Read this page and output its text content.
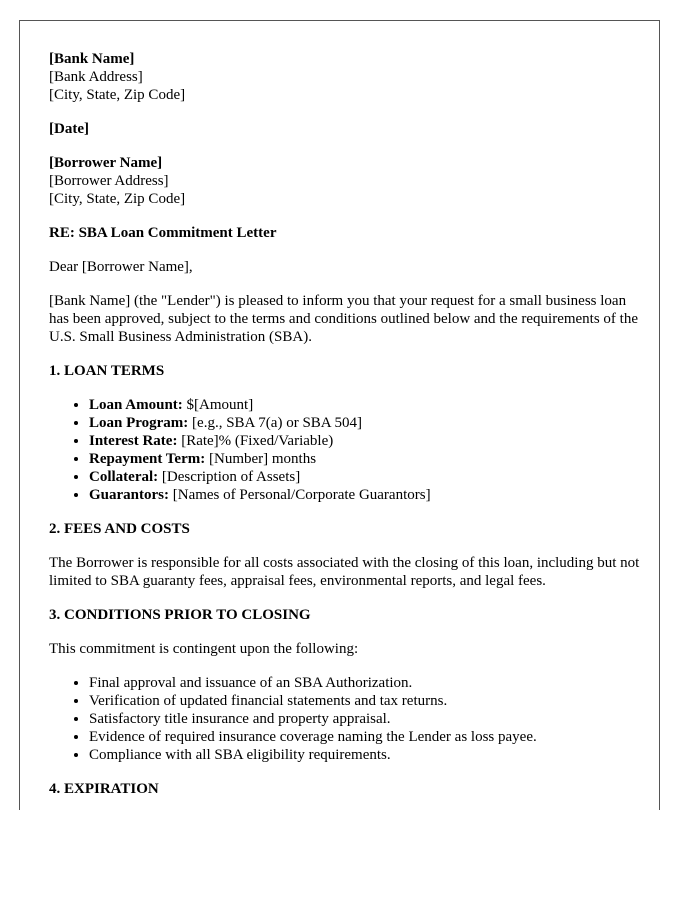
[Bank Name]
[Bank Address]
[City, State, Zip Code]

[Date]

[Borrower Name]
[Borrower Address]
[City, State, Zip Code]

RE: SBA Loan Commitment Letter

Dear [Borrower Name],

[Bank Name] (the "Lender") is pleased to inform you that your request for a small business loan has been approved, subject to the terms and conditions outlined below and the requirements of the U.S. Small Business Administration (SBA).

1. LOAN TERMS
• Loan Amount: $[Amount]
• Loan Program: [e.g., SBA 7(a) or SBA 504]
• Interest Rate: [Rate]% (Fixed/Variable)
• Repayment Term: [Number] months
• Collateral: [Description of Assets]
• Guarantors: [Names of Personal/Corporate Guarantors]
2. FEES AND COSTS

The Borrower is responsible for all costs associated with the closing of this loan, including but not limited to SBA guaranty fees, appraisal fees, environmental reports, and legal fees.

3. CONDITIONS PRIOR TO CLOSING

This commitment is contingent upon the following:

• Final approval and issuance of an SBA Authorization.
• Verification of updated financial statements and tax returns.
• Satisfactory title insurance and property appraisal.
• Evidence of required insurance coverage naming the Lender as loss payee.
• Compliance with all SBA eligibility requirements.
4. EXPIRATION
